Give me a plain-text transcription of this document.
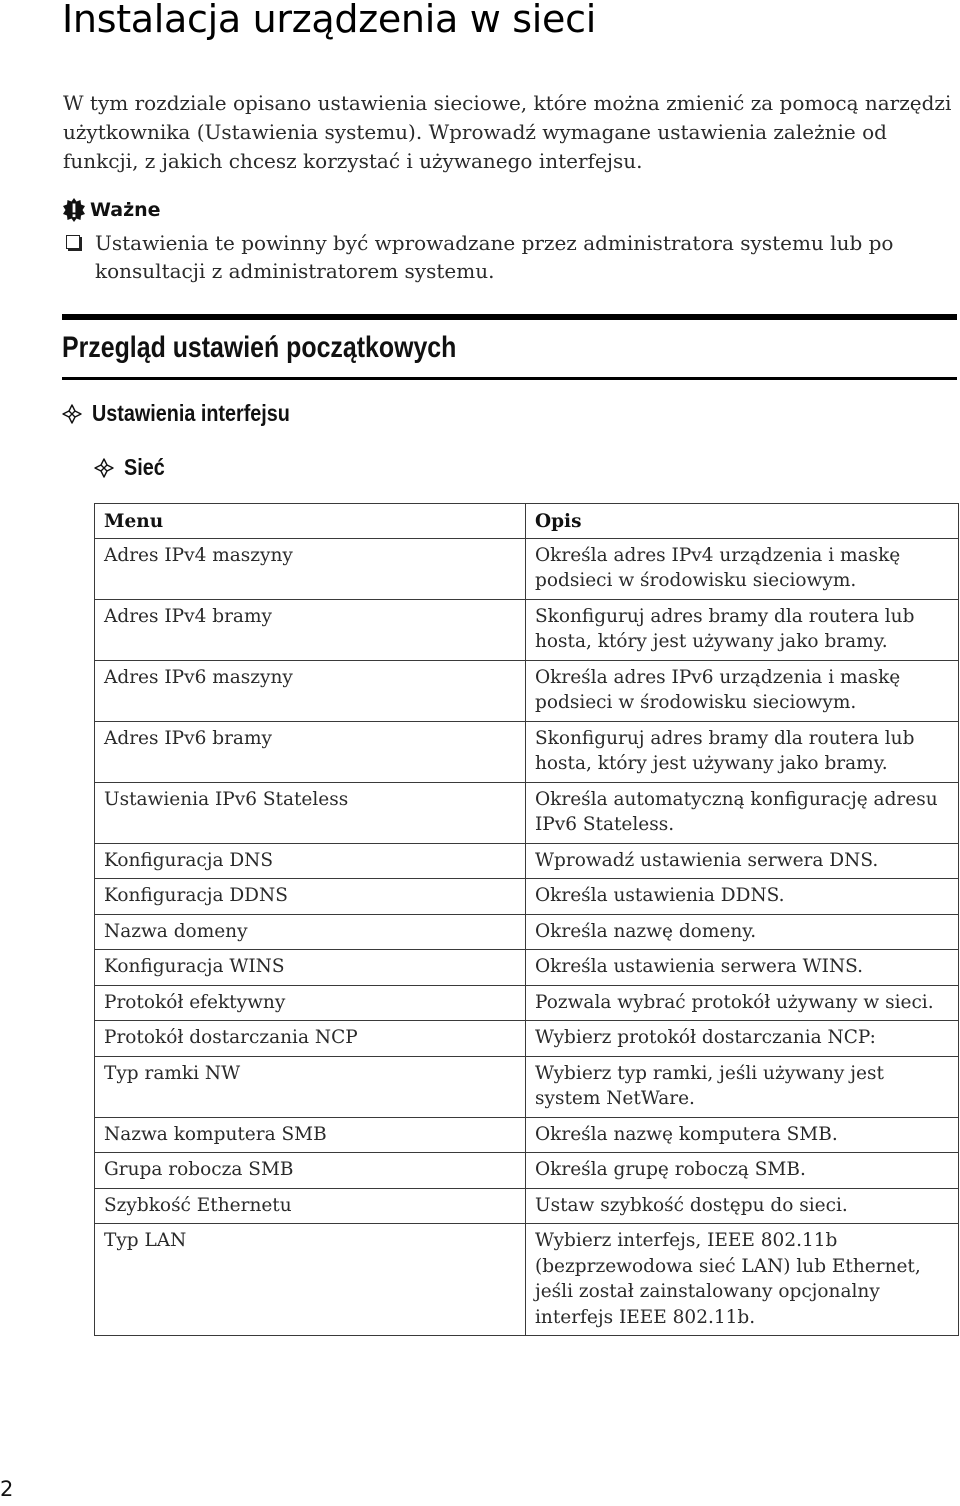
Instalacja urządzenia w sieci

W tym rozdziale opisano ustawienia sieciowe, które można zmienić za pomocą narzędzi użytkownika (Ustawienia systemu). Wprowadź wymagane ustawienia zależnie od funkcji, z jakich chcesz korzystać i używanego interfejsu.

Ważne
Ustawienia te powinny być wprowadzane przez administratora systemu lub po konsultacji z administratorem systemu.
Przegląd ustawień początkowych
Ustawienia interfejsu
Sieć
Menu	Opis
Adres IPv4 maszyny	Określa adres IPv4 urządzenia i maskę podsieci w środowisku sieciowym.
Adres IPv4 bramy	Skonfiguruj adres bramy dla routera lub hosta, który jest używany jako bramy.
Adres IPv6 maszyny	Określa adres IPv6 urządzenia i maskę podsieci w środowisku sieciowym.
Adres IPv6 bramy	Skonfiguruj adres bramy dla routera lub hosta, który jest używany jako bramy.
Ustawienia IPv6 Stateless	Określa automatyczną konfigurację adresu IPv6 Stateless.
Konfiguracja DNS	Wprowadź ustawienia serwera DNS.
Konfiguracja DDNS	Określa ustawienia DDNS.
Nazwa domeny	Określa nazwę domeny.
Konfiguracja WINS	Określa ustawienia serwera WINS.
Protokół efektywny	Pozwala wybrać protokół używany w sieci.
Protokół dostarczania NCP	Wybierz protokół dostarczania NCP:
Typ ramki NW	Wybierz typ ramki, jeśli używany jest system NetWare.
Nazwa komputera SMB	Określa nazwę komputera SMB.
Grupa robocza SMB	Określa grupę roboczą SMB.
Szybkość Ethernetu	Ustaw szybkość dostępu do sieci.
Typ LAN	Wybierz interfejs, IEEE 802.11b (bezprzewodowa sieć LAN) lub Ethernet, jeśli został zainstalowany opcjonalny interfejs IEEE 802.11b.
2
